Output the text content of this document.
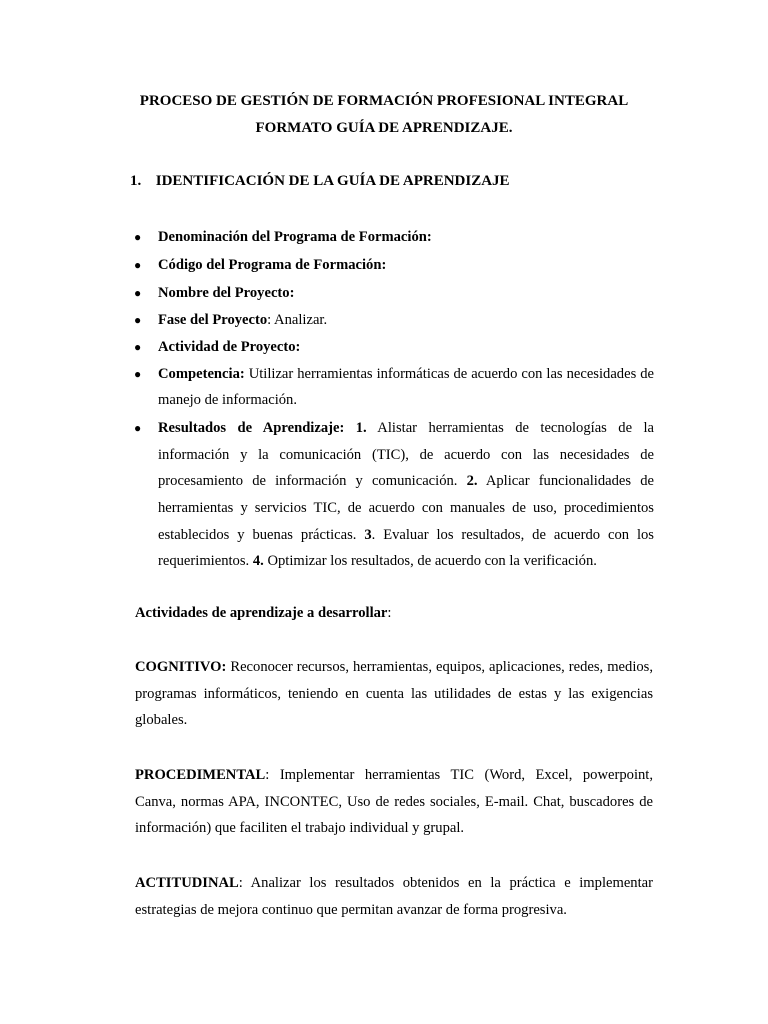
PROCESO DE GESTIÓN DE FORMACIÓN PROFESIONAL INTEGRAL

FORMATO GUÍA DE APRENDIZAJE.

1. IDENTIFICACIÓN DE LA GUÍA DE APRENDIZAJE

● Denominación del Programa de Formación:
● Código del Programa de Formación:
● Nombre del Proyecto:
● Fase del Proyecto: Analizar.
● Actividad de Proyecto:
● Competencia: Utilizar herramientas informáticas de acuerdo con las necesidades de manejo de información.
● Resultados de Aprendizaje: 1. Alistar herramientas de tecnologías de la información y la comunicación (TIC), de acuerdo con las necesidades de procesamiento de información y comunicación. 2. Aplicar funcionalidades de herramientas y servicios TIC, de acuerdo con manuales de uso, procedimientos establecidos y buenas prácticas. 3. Evaluar los resultados, de acuerdo con los requerimientos. 4. Optimizar los resultados, de acuerdo con la verificación.

Actividades de aprendizaje a desarrollar:

COGNITIVO: Reconocer recursos, herramientas, equipos, aplicaciones, redes, medios, programas informáticos, teniendo en cuenta las utilidades de estas y las exigencias globales.

PROCEDIMENTAL: Implementar herramientas TIC (Word, Excel, powerpoint, Canva, normas APA, INCONTEC, Uso de redes sociales, E-mail. Chat, buscadores de información) que faciliten el trabajo individual y grupal.

ACTITUDINAL: Analizar los resultados obtenidos en la práctica e implementar estrategias de mejora continuo que permitan avanzar de forma progresiva.
